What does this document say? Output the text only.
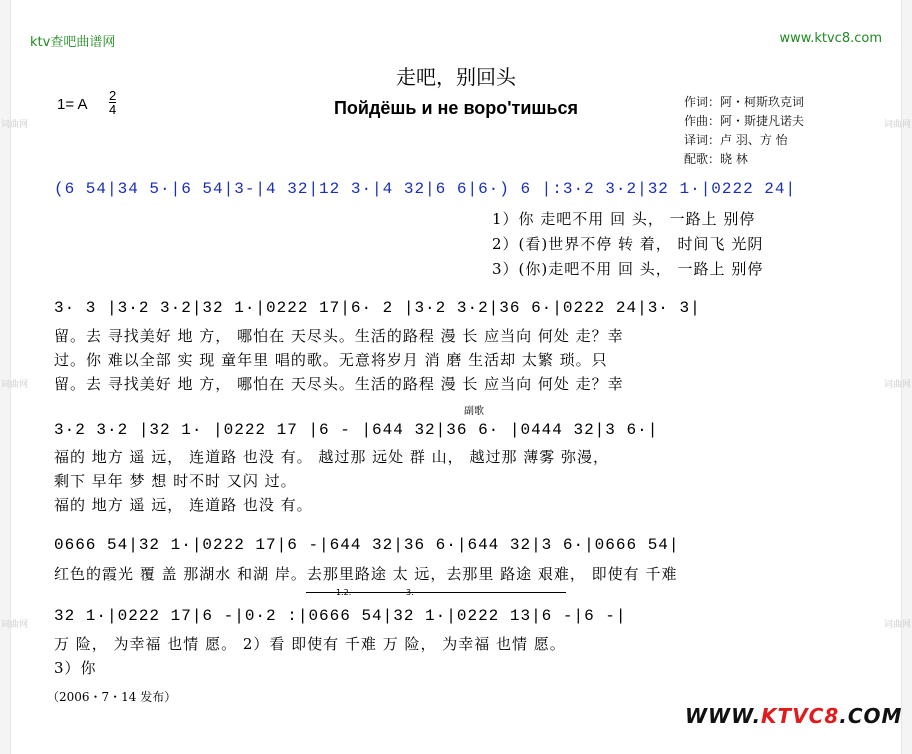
词曲网
词曲网
词曲网
词曲网
词曲网
词曲网
ktv查吧曲谱网	www.ktvc8.com
走吧，别回头
Пойдёшь и не воро'тишься
1= A $\frac{2}{4}$	作词：阿・柯斯玖克词
作曲：阿・斯捷凡诺夫
译词：卢 羽、方 怡
配歌：晓 林
(6 54|34 5·|6 54|3-|4 32|12 3·|4 32|6 6|6·) 6 |:3·2 3·2|32 1·|0222 24|
1）你 走吧不用 回 头， 一路上 别停
2）(看)世界不停 转 着， 时间飞 光阴
3）(你)走吧不用 回 头， 一路上 别停
3· 3 |3·2 3·2|32 1·|0222 17|6· 2 |3·2 3·2|36 6·|0222 24|3· 3|
留。去 寻找美好 地 方， 哪怕在 天尽头。生活的路程 漫 长 应当向 何处 走？幸
过。你 难以全部 实 现 童年里 唱的歌。无意将岁月 消 磨 生活却 太繁 琐。只
留。去 寻找美好 地 方， 哪怕在 天尽头。生活的路程 漫 长 应当向 何处 走？幸
副歌
3·2 3·2 |32 1· |0222 17 |6 - |644 32|36 6· |0444 32|3 6·|
福的 地方 遥 远， 连道路 也没 有。 越过那 远处 群 山， 越过那 薄雾 弥漫，
剩下 早年 梦 想 时不时 又闪 过。
福的 地方 遥 远， 连道路 也没 有。
0666 54|32 1·|0222 17|6 -|644 32|36 6·|644 32|3 6·|0666 54|
红色的霞光 覆 盖 那湖水 和湖 岸。去那里路途 太 远，去那里 路途 艰难， 即使有 千难
1.2.	3.
32 1·|0222 17|6 -|0·2 :|0666 54|32 1·|0222 13|6 -|6 -|
万 险， 为幸福 也情 愿。 2）看 即使有 千难 万 险， 为幸福 也情 愿。
3）你
（2006・7・14 发布）
WWW.KTVC8.COM
